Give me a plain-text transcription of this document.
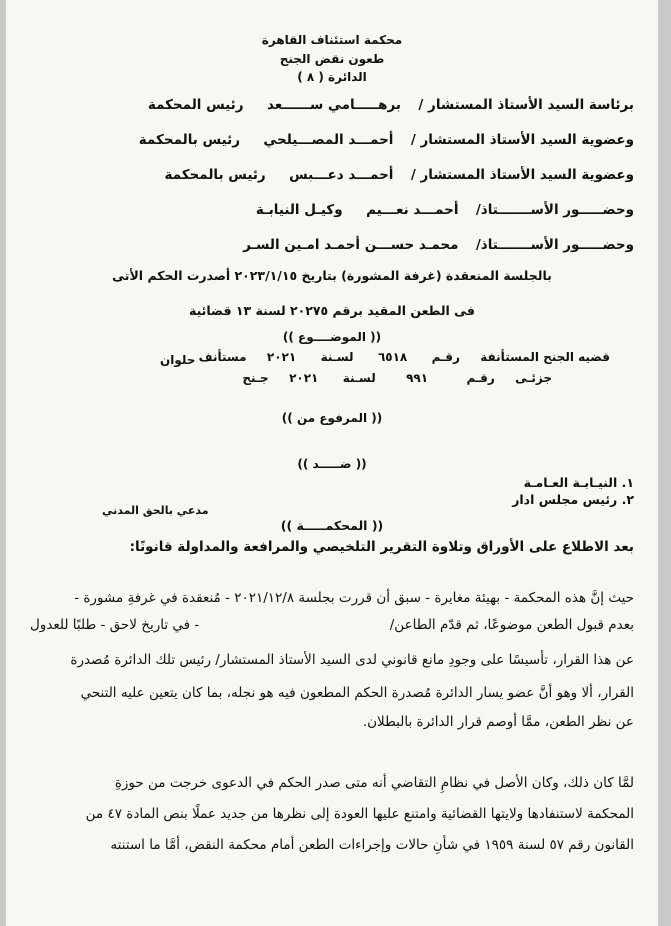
محكمة استئناف القاهرة
طعون نقض الجنح
الدائرة ( ٨ )
برئاسة السيد الأستاذ المستشار /  برهـــــامي ســــــعد  رئيس المحكمة
وعضوية السيد الأستاذ المستشار /  أحمـــد المصـــيلحي  رئيس بالمحكمة
وعضوية السيد الأستاذ المستشار /  أحمـــد دعـــبس  رئيس بالمحكمة
وحضـــــور الأســـــــتاذ/  أحمـــد نعـــيم  وكيـل النيابـة
وحضـــــور الأســـــــتاذ/  محمـد حســـن أحمـد امـين السـر
بالجلسة المنعقدة (غرفة المشورة) بتاريخ ٢٠٢٣/١/١٥ أصدرت الحكم الأتى
فى الطعن المقيد برقم ٢٠٢٧٥ لسنة ١٣ قضائية
(( الموضــــوع ))
قضيه الجنح المستأنفة  رقـم  ٦٥١٨  لسـنة  ٢٠٢١  مستأنف
حلوان
جزئـى  رقـم  ٩٩١  لسـنة  ٢٠٢١  جـنح
(( المرفوع من ))
(( ضـــــد ))
١. النيـابـة العـامـة
٢. رئيس مجلس ادار
مدعي بالحق المدني
(( المحكمـــــة ))
بعد الاطلاع على الأوراق وتلاوة التقرير التلخيصي والمرافعة والمداولة قانونًا:
حيث إنَّ هذه المحكمة - بهيئة مغايرة - سبق أن قررت بجلسة ٢٠٢١/١٢/٨ - مُنعقدة في غرفةِ مشورة -
بعدم قبول الطعن موضوعًا، ثم قدّم الطاعن/
- في تاريخ لاحق - طلبًا للعدول
عن هذا القرار، تأسيسًا على وجودِ مانع قانوني لدى السيد الأستاذ المستشار/ رئيس تلك الدائرة مُصدرة
القرار، ألا وهو أنَّ عضو يسار الدائرة مُصدرة الحكم المطعون فيه هو نجله، بما كان يتعين عليه التنحي
عن نظر الطعن، ممَّا أوصم قرار الدائرة بالبطلان.
لمَّا كان ذلك، وكان الأصل في نظامِ التقاضي أنه متى صدر الحكم في الدعوى خرجت من حوزةِ
المحكمة لاستنفادها ولايتها القضائية وامتنع عليها العودة إلى نظرها من جديد عملًا بنص المادة ٤٧ من
القانون رقم ٥٧ لسنة ١٩٥٩ في شأنِ حالات وإجراءات الطعن أمام محكمة النقض، أمَّا ما استنته
